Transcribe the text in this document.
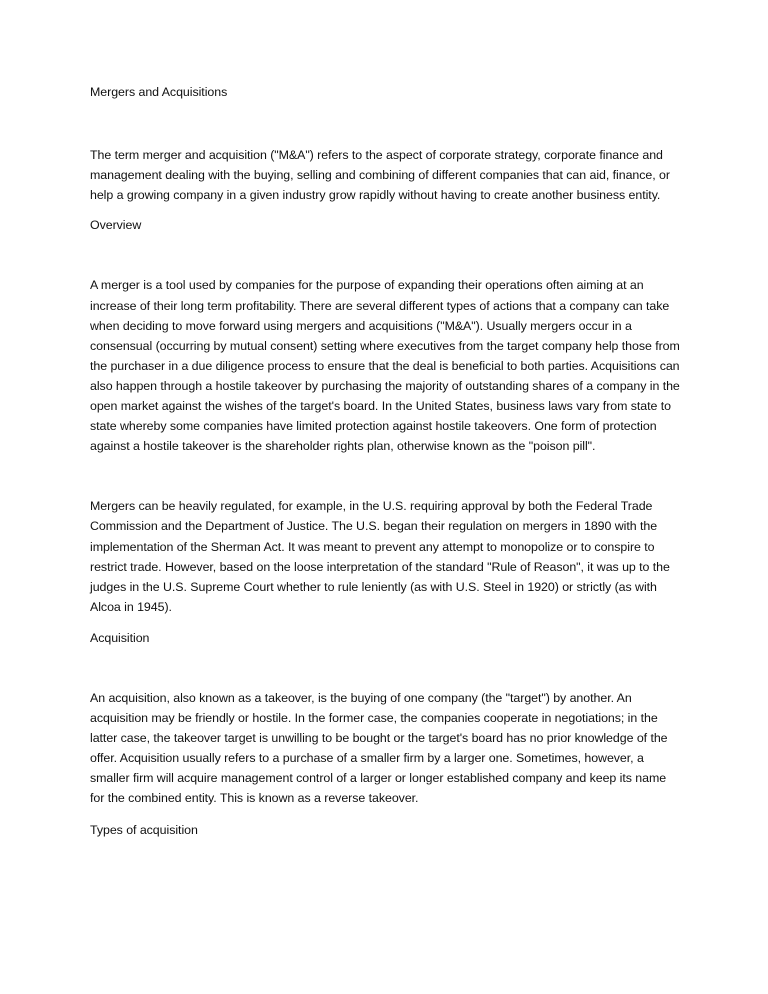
Mergers and Acquisitions

The term merger and acquisition ("M&A") refers to the aspect of corporate strategy, corporate finance and management dealing with the buying, selling and combining of different companies that can aid, finance, or help a growing company in a given industry grow rapidly without having to create another business entity.

Overview

A merger is a tool used by companies for the purpose of expanding their operations often aiming at an increase of their long term profitability. There are several different types of actions that a company can take when deciding to move forward using mergers and acquisitions ("M&A"). Usually mergers occur in a consensual (occurring by mutual consent) setting where executives from the target company help those from the purchaser in a due diligence process to ensure that the deal is beneficial to both parties. Acquisitions can also happen through a hostile takeover by purchasing the majority of outstanding shares of a company in the open market against the wishes of the target's board. In the United States, business laws vary from state to state whereby some companies have limited protection against hostile takeovers. One form of protection against a hostile takeover is the shareholder rights plan, otherwise known as the "poison pill".

Mergers can be heavily regulated, for example, in the U.S. requiring approval by both the Federal Trade Commission and the Department of Justice. The U.S. began their regulation on mergers in 1890 with the implementation of the Sherman Act. It was meant to prevent any attempt to monopolize or to conspire to restrict trade. However, based on the loose interpretation of the standard "Rule of Reason", it was up to the judges in the U.S. Supreme Court whether to rule leniently (as with U.S. Steel in 1920) or strictly (as with Alcoa in 1945).

Acquisition

An acquisition, also known as a takeover, is the buying of one company (the "target") by another. An acquisition may be friendly or hostile. In the former case, the companies cooperate in negotiations; in the latter case, the takeover target is unwilling to be bought or the target's board has no prior knowledge of the offer. Acquisition usually refers to a purchase of a smaller firm by a larger one. Sometimes, however, a smaller firm will acquire management control of a larger or longer established company and keep its name for the combined entity. This is known as a reverse takeover.

Types of acquisition
